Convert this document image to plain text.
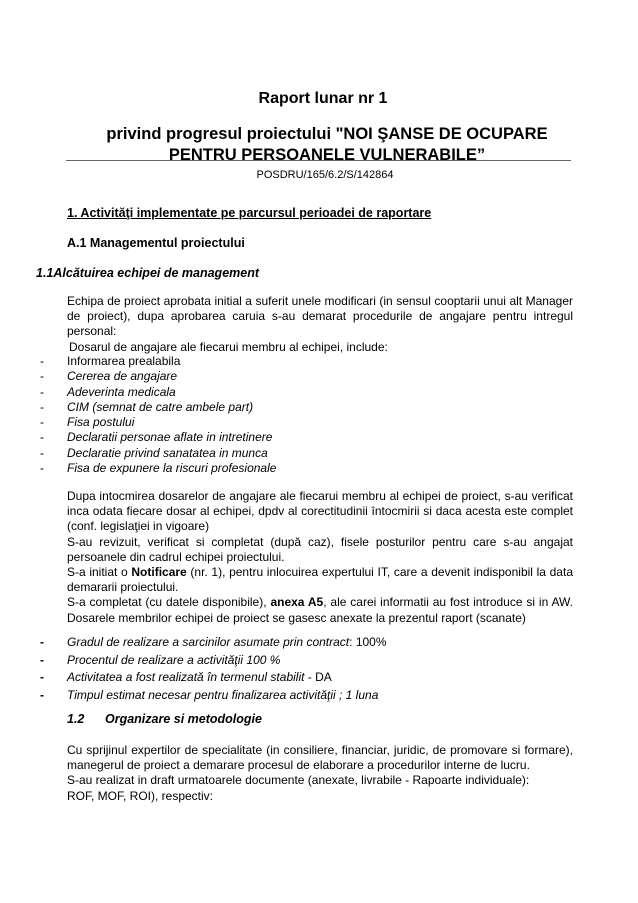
Raport lunar nr 1
privind progresul proiectului "NOI ŞANSE DE OCUPARE
PENTRU PERSOANELE VULNERABILE”
POSDRU/165/6.2/S/142864
1. Activităţi implementate pe parcursul perioadei de raportare
A.1 Managementul proiectului
1.1Alcătuirea echipei de management

Echipa de proiect aprobata initial a suferit unele modificari (in sensul cooptarii unui alt Manager de proiect), dupa aprobarea caruia s-au demarat procedurile de angajare pentru intregul personal:

Dosarul de angajare ale fiecarui membru al echipei, include:

- Informarea prealabila
- Cererea de angajare
- Adeverinta medicala
- CIM (semnat de catre ambele part)
- Fisa postului
- Declaratii personae aflate in intretinere
- Declaratie privind sanatatea in munca
- Fisa de expunere la riscuri profesionale

Dupa intocmirea dosarelor de angajare ale fiecarui membru al echipei de proiect, s-au verificat inca odata fiecare dosar al echipei, dpdv al corectitudinii întocmirii si daca acesta este complet (conf. legislaţiei in vigoare)

S-au revizuit, verificat si completat (după caz), fisele posturilor pentru care s-au angajat persoanele din cadrul echipei proiectului.

S-a initiat o Notificare (nr. 1), pentru inlocuirea expertului IT, care a devenit indisponibil la data demararii proiectului.

S-a completat (cu datele disponibile), anexa A5, ale carei informatii au fost introduce si in AW. Dosarele membrilor echipei de proiect se gasesc anexate la prezentul raport (scanate)

- Gradul de realizare a sarcinilor asumate prin contract: 100%
- Procentul de realizare a activităţii 100 %
- Activitatea a fost realizată în termenul stabilit - DA
- Timpul estimat necesar pentru finalizarea activităţii ; 1 luna
1.2 Organizare si metodologie

Cu sprijinul expertilor de specialitate (in consiliere, financiar, juridic, de promovare si formare), manegerul de proiect a demarare procesul de elaborare a procedurilor interne de lucru.

S-au realizat in draft urmatoarele documente (anexate, livrabile - Rapoarte individuale):

ROF, MOF, ROI), respectiv:
